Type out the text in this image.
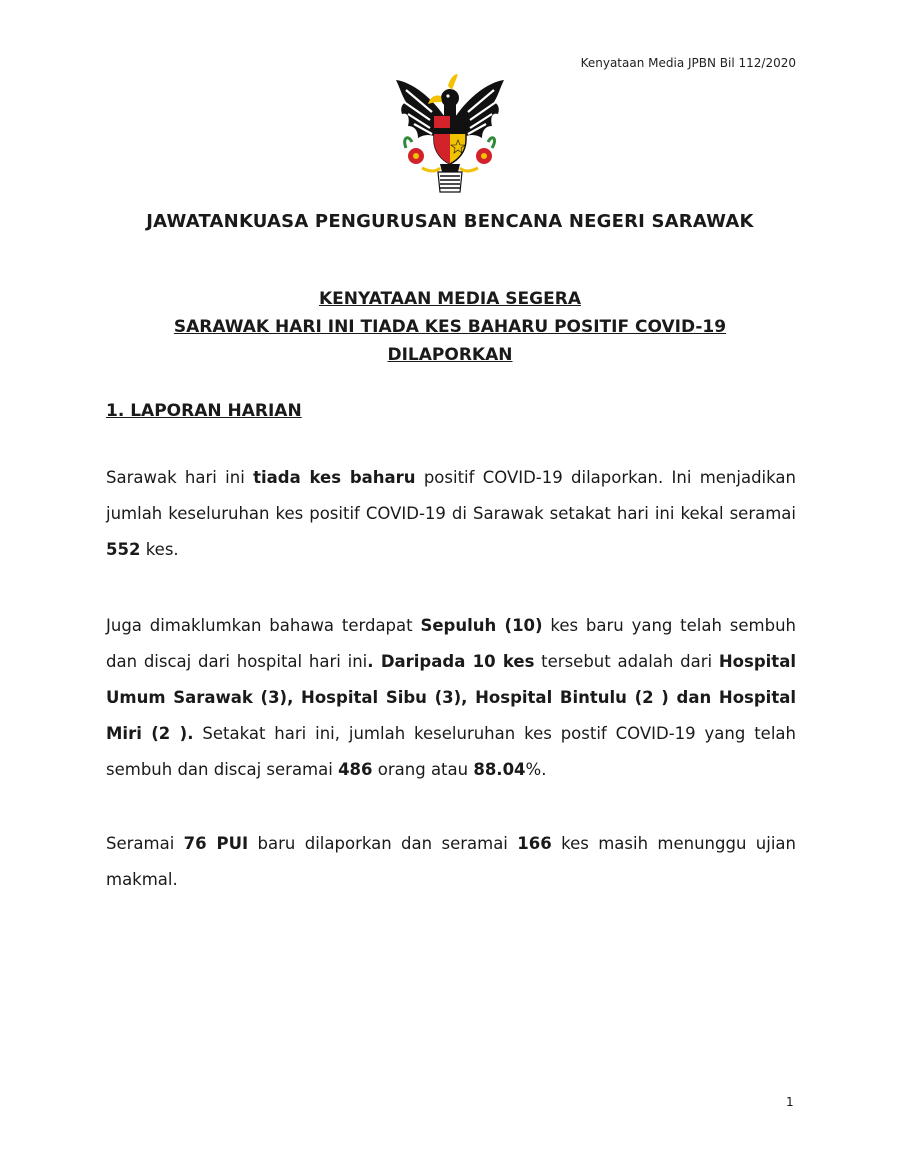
Kenyataan Media JPBN Bil 112/2020
JAWATANKUASA PENGURUSAN BENCANA NEGERI SARAWAK
KENYATAAN MEDIA SEGERA
SARAWAK HARI INI TIADA KES BAHARU POSITIF COVID-19
DILAPORKAN
1. LAPORAN HARIAN

Sarawak hari ini tiada kes baharu positif COVID-19 dilaporkan. Ini menjadikan jumlah keseluruhan kes positif COVID-19 di Sarawak setakat hari ini kekal seramai 552 kes.

Juga dimaklumkan bahawa terdapat Sepuluh (10) kes baru yang telah sembuh dan discaj dari hospital hari ini. Daripada 10 kes tersebut adalah dari Hospital Umum Sarawak (3), Hospital Sibu (3), Hospital Bintulu (2 ) dan Hospital Miri (2 ). Setakat hari ini, jumlah keseluruhan kes postif COVID-19 yang telah sembuh dan discaj seramai 486 orang atau 88.04%.

Seramai 76 PUI baru dilaporkan dan seramai 166 kes masih menunggu ujian makmal.

1
